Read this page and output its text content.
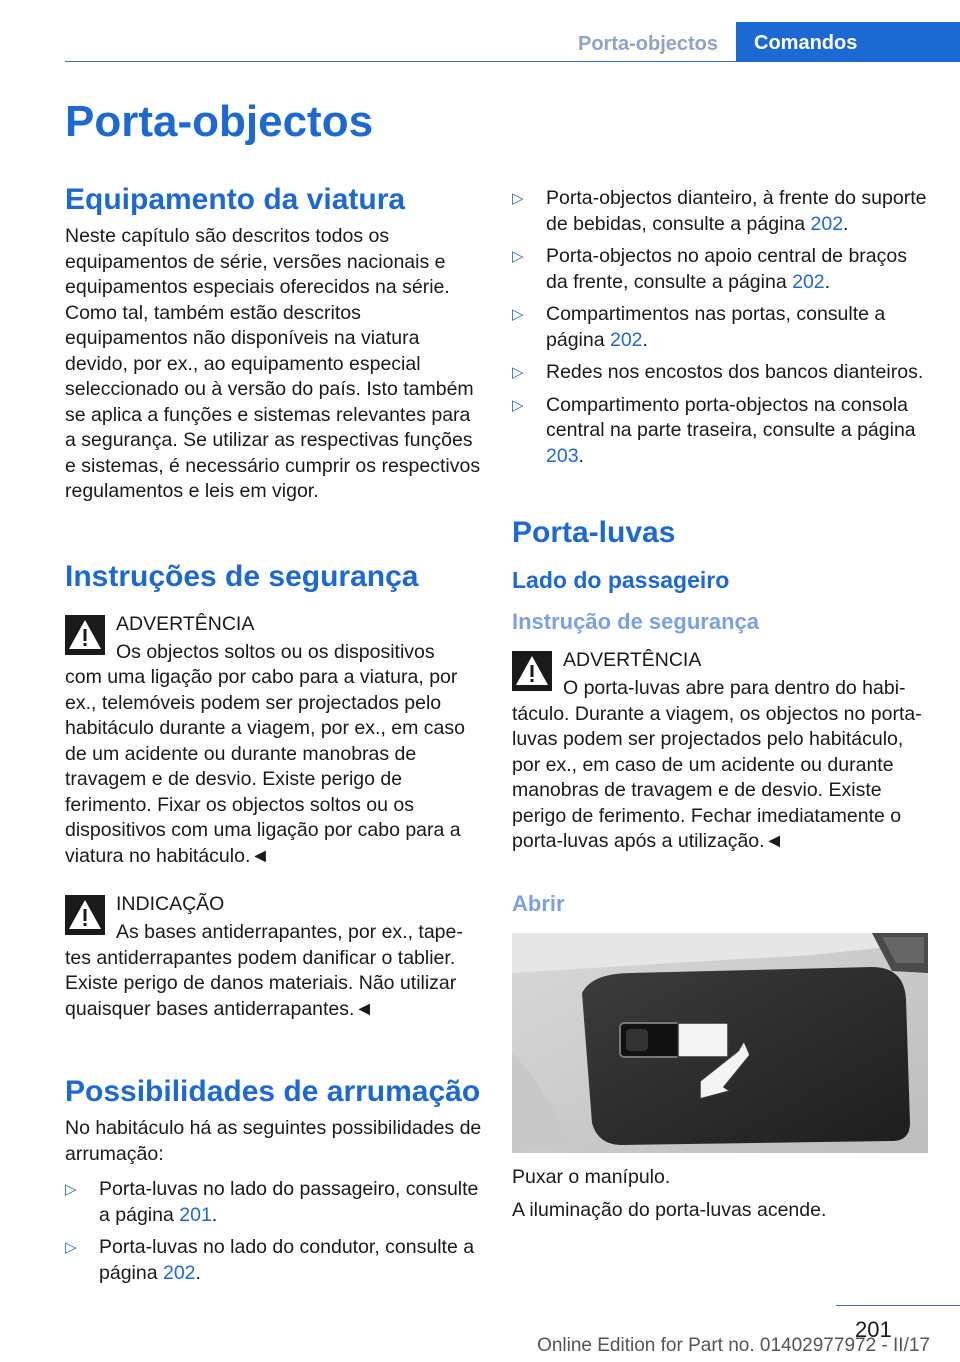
Porta-objectos	Comandos
Porta-objectos
Equipamento da viatura

Neste capítulo são descritos todos os equipamentos de série, versões nacionais e equipamentos especiais oferecidos na série. Como tal, também estão descritos equipamentos não disponíveis na viatura devido, por ex., ao equipamento especial seleccionado ou à versão do país. Isto também se aplica a funções e sistemas relevantes para a segurança. Se utilizar as respectivas funções e sistemas, é necessário cumprir os respectivos regulamentos e leis em vigor.

Instruções de segurança
ADVERTÊNCIA
Os objectos soltos ou os dispositivos
com uma ligação por cabo para a viatura, por ex., telemóveis podem ser projectados pelo habitáculo durante a viagem, por ex., em caso de um acidente ou durante manobras de travagem e de desvio. Existe perigo de ferimento. Fixar os objectos soltos ou os dispositivos com uma ligação por cabo para a viatura no habitáculo.◄
INDICAÇÃO
As bases antiderrapantes, por ex., tape-
tes antiderrapantes podem danificar o tablier. Existe perigo de danos materiais. Não utilizar quaisquer bases antiderrapantes.◄
Possibilidades de arrumação

No habitáculo há as seguintes possibilidades de arrumação:

▷ Porta-luvas no lado do passageiro, consulte a página 201.
▷ Porta-luvas no lado do condutor, consulte a página 202.
▷ Porta-objectos dianteiro, à frente do suporte de bebidas, consulte a página 202.
▷ Porta-objectos no apoio central de braços da frente, consulte a página 202.
▷ Compartimentos nas portas, consulte a página 202.
▷ Redes nos encostos dos bancos dianteiros.
▷ Compartimento porta-objectos na consola central na parte traseira, consulte a página 203.
Porta-luvas
Lado do passageiro
Instrução de segurança
ADVERTÊNCIA
O porta-luvas abre para dentro do habi-
táculo. Durante a viagem, os objectos no porta-luvas podem ser projectados pelo habitáculo, por ex., em caso de um acidente ou durante manobras de travagem e de desvio. Existe perigo de ferimento. Fechar imediatamente o porta-luvas após a utilização.◄
Abrir

Puxar o manípulo.

A iluminação do porta-luvas acende.

201
Online Edition for Part no. 01402977972 - II/17
